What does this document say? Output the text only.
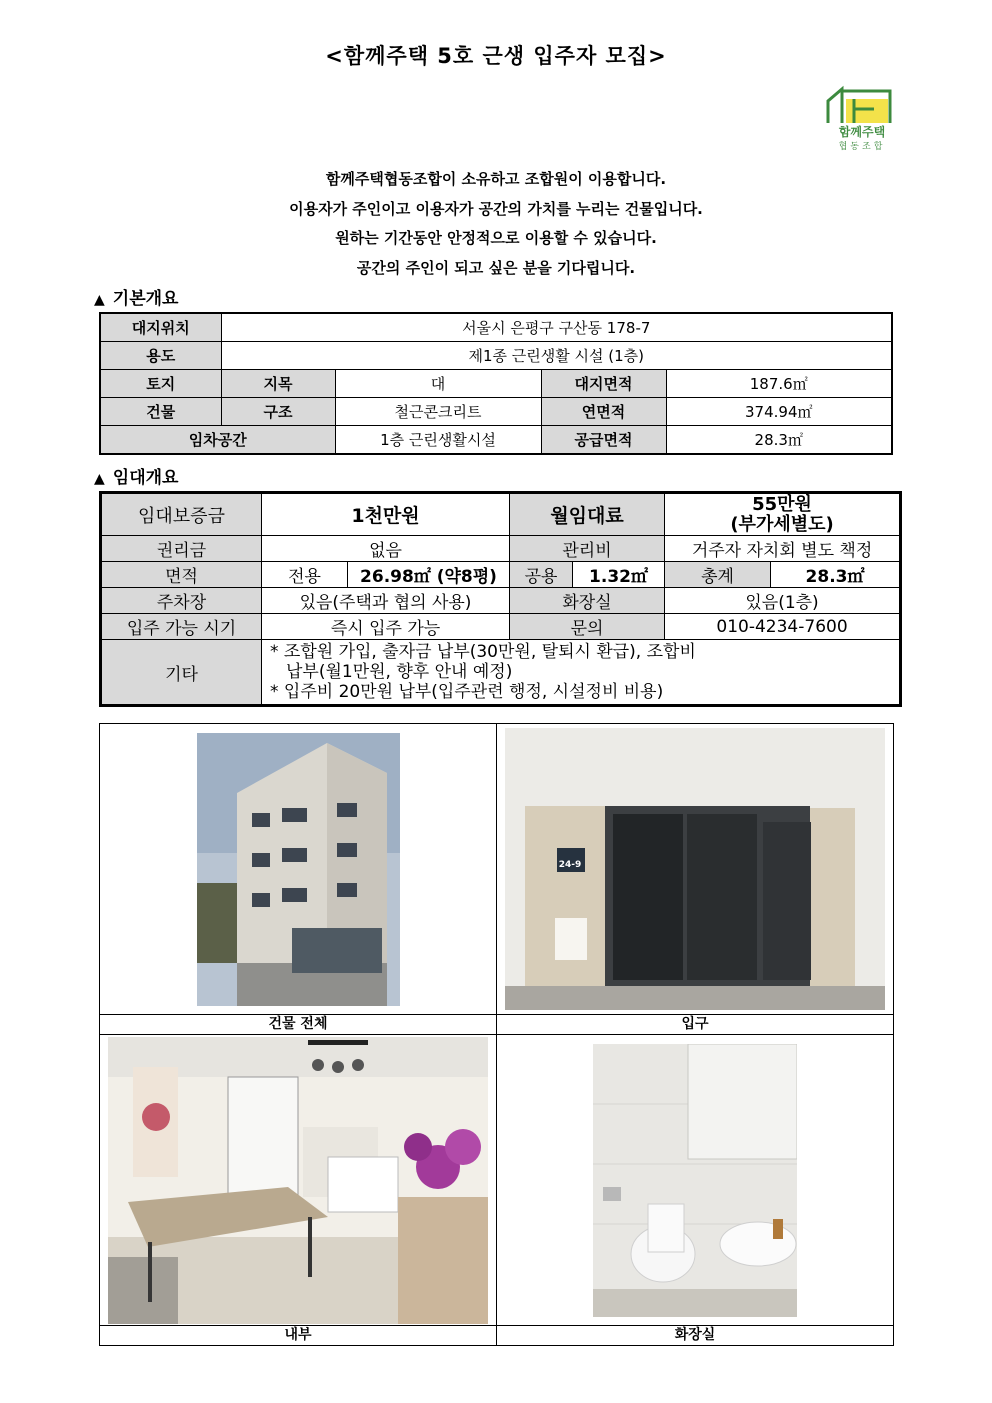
<함께주택 5호 근생 입주자 모집>
함께주택
협동조합
함께주택협동조합이 소유하고 조합원이 이용합니다.
이용자가 주인이고 이용자가 공간의 가치를 누리는 건물입니다.
원하는 기간동안 안정적으로 이용할 수 있습니다.
공간의 주인이 되고 싶은 분을 기다립니다.
▲ 기본개요
대지위치	서울시 은평구 구산동 178-7			
용도	제1종 근린생활 시설 (1층)			
토지	지목	대	대지면적	187.6㎡
건물	구조	철근콘크리트	연면적	374.94㎡
임차공간		1층 근린생활시설	공급면적	28.3㎡
▲ 임대개요
임대보증금	1천만원		월임대료		55만원
(부가세별도)	

권리금	없음		관리비		거주자 자치회 별도 책정	
면적	전용	26.98㎡ (약8평)	공용	1.32㎡	총계	28.3㎡
주차장	있음(주택과 협의 사용)		화장실		있음(1층)	
입주 가능 시기	즉시 입주 가능		문의		010-4234-7600	
기타	* 조합원 가입, 출자금 납부(30만원, 탈퇴시 환급), 조합비
납부(월1만원, 향후 안내 예정)
* 입주비 20만원 납부(입주관련 행정, 시설정비 비용)					

24-9

건물 전체	입구

내부	화장실
